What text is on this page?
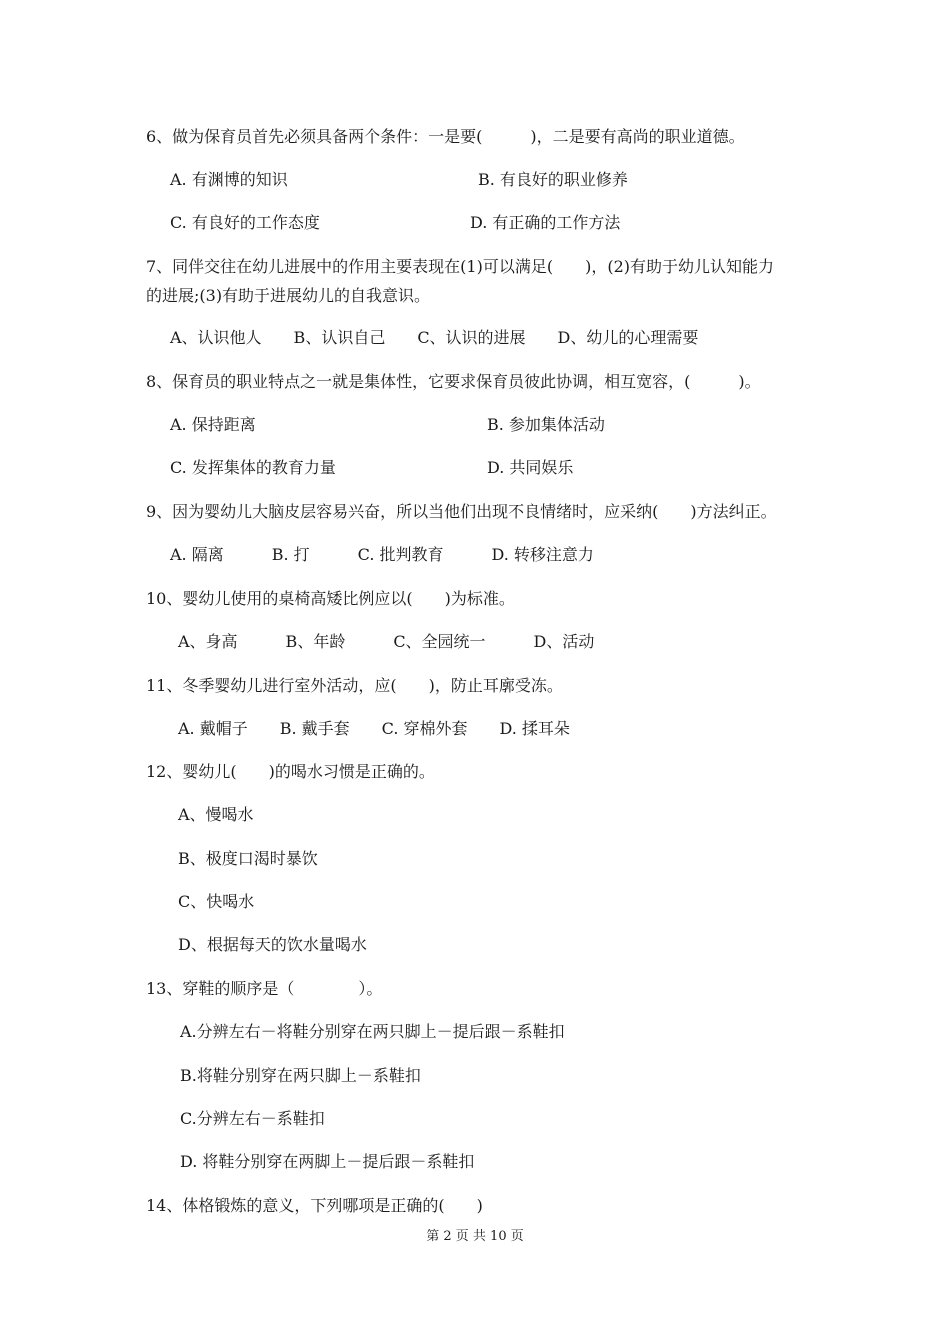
6、做为保育员首先必须具备两个条件：一是要(　　　)，二是要有高尚的职业道德。
A. 有渊博的知识	B. 有良好的职业修养
C. 有良好的工作态度	D. 有正确的工作方法
7、同伴交往在幼儿进展中的作用主要表现在(1)可以满足(　　)，(2)有助于幼儿认知能力
的进展;(3)有助于进展幼儿的自我意识。
A、认识他人　　B、认识自己　　C、认识的进展　　D、幼儿的心理需要
8、保育员的职业特点之一就是集体性，它要求保育员彼此协调，相互宽容，(　　　)。
A. 保持距离	B. 参加集体活动
C. 发挥集体的教育力量	D. 共同娱乐
9、因为婴幼儿大脑皮层容易兴奋，所以当他们出现不良情绪时，应采纳(　　)方法纠正。
A. 隔离　　　B. 打　　　C. 批判教育　　　D. 转移注意力
10、婴幼儿使用的桌椅高矮比例应以(　　)为标准。
A、身高　　　B、年龄　　　C、全园统一　　　D、活动
11、冬季婴幼儿进行室外活动，应(　　)，防止耳廓受冻。
A. 戴帽子　　B. 戴手套　　C. 穿棉外套　　D. 揉耳朵
12、婴幼儿(　　)的喝水习惯是正确的。
A、慢喝水
B、极度口渴时暴饮
C、快喝水
D、根据每天的饮水量喝水
13、穿鞋的顺序是（　　　　）。
A.分辨左右－将鞋分别穿在两只脚上－提后跟－系鞋扣
B.将鞋分别穿在两只脚上－系鞋扣
C.分辨左右－系鞋扣
D. 将鞋分别穿在两脚上－提后跟－系鞋扣
14、体格锻炼的意义，下列哪项是正确的(　　)
第 2 页 共 10 页
